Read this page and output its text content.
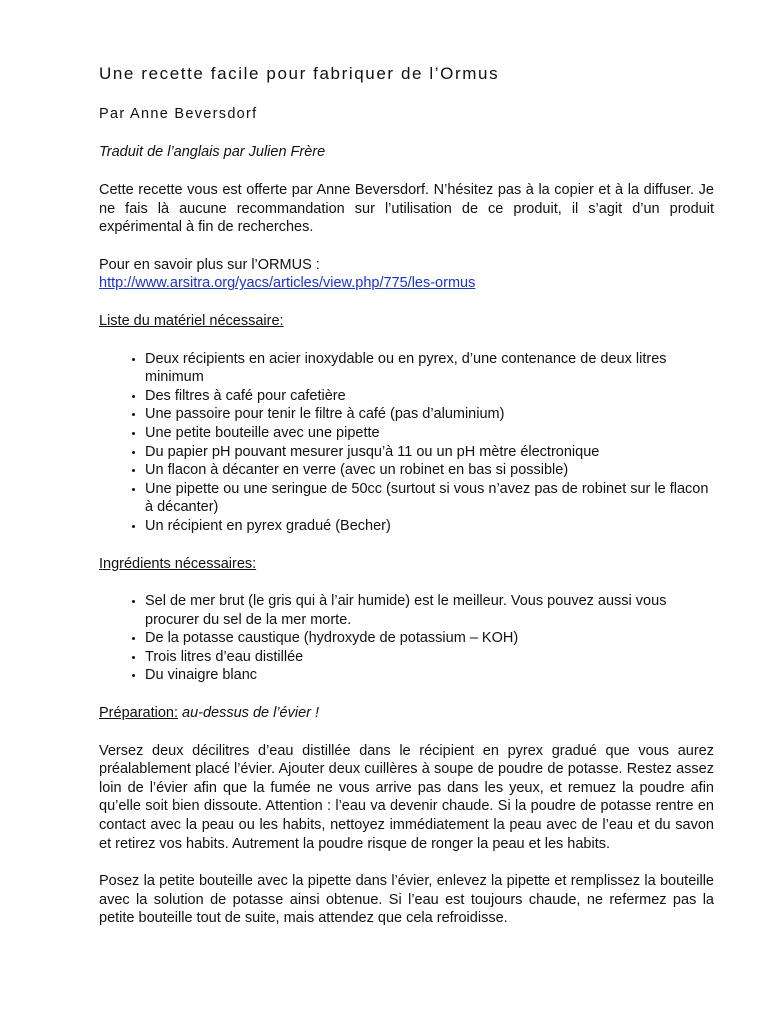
Une recette facile pour fabriquer de l’Ormus
Par Anne Beversdorf
Traduit de l’anglais par Julien Frère

Cette recette vous est offerte par Anne Beversdorf. N’hésitez pas à la copier et à la diffuser. Je ne fais là aucune recommandation sur l’utilisation de ce produit, il s’agit d’un produit expérimental à fin de recherches.

Pour en savoir plus sur l’ORMUS :
http://www.arsitra.org/yacs/articles/view.php/775/les-ormus

Liste du matériel nécessaire:

• Deux récipients en acier inoxydable ou en pyrex, d’une contenance de deux litres minimum
• Des filtres à café pour cafetière
• Une passoire pour tenir le filtre à café (pas d’aluminium)
• Une petite bouteille avec une pipette
• Du papier pH pouvant mesurer jusqu’à 11 ou un pH mètre électronique
• Un flacon à décanter en verre (avec un robinet en bas si possible)
• Une pipette ou une seringue de 50cc (surtout si vous n’avez pas de robinet sur le flacon à décanter)
• Un récipient en pyrex gradué (Becher)

Ingrédients nécessaires:

• Sel de mer brut (le gris qui à l’air humide) est le meilleur. Vous pouvez aussi vous procurer du sel de la mer morte.
• De la potasse caustique (hydroxyde de potassium – KOH)
• Trois litres d’eau distillée
• Du vinaigre blanc

Préparation: au-dessus de l’évier !

Versez deux décilitres d’eau distillée dans le récipient en pyrex gradué que vous aurez préalablement placé l’évier. Ajouter deux cuillères à soupe de poudre de potasse. Restez assez loin de l’évier afin que la fumée ne vous arrive pas dans les yeux, et remuez la poudre afin qu’elle soit bien dissoute. Attention : l’eau va devenir chaude. Si la poudre de potasse rentre en contact avec la peau ou les habits, nettoyez immédiatement la peau avec de l’eau et du savon et retirez vos habits. Autrement la poudre risque de ronger la peau et les habits.

Posez la petite bouteille avec la pipette dans l’évier, enlevez la pipette et remplissez la bouteille avec la solution de potasse ainsi obtenue. Si l’eau est toujours chaude, ne refermez pas la petite bouteille tout de suite, mais attendez que cela refroidisse.
